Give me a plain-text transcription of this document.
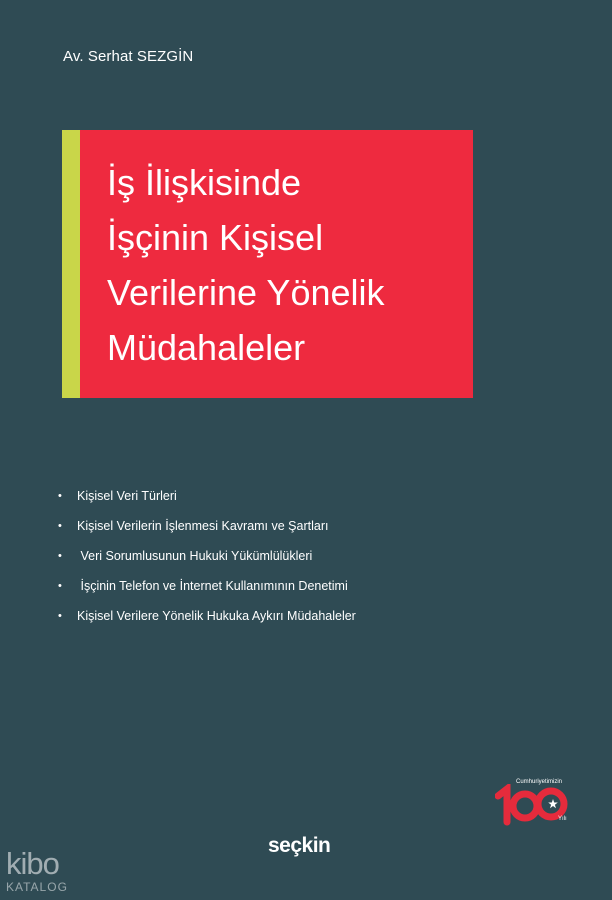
Av. Serhat SEZGİN
İş İlişkisinde
İşçinin Kişisel
Verilerine Yönelik
Müdahaleler
•	Kişisel Veri Türleri
•	Kişisel Verilerin İşlenmesi Kavramı ve Şartları
•	Veri Sorumlusunun Hukuki Yükümlülükleri
•	İşçinin Telefon ve İnternet Kullanımının Denetimi
•	Kişisel Verilere Yönelik Hukuka Aykırı Müdahaleler
Cumhuriyetimizin
Yılı
seçkin
kibo
KATALOG
